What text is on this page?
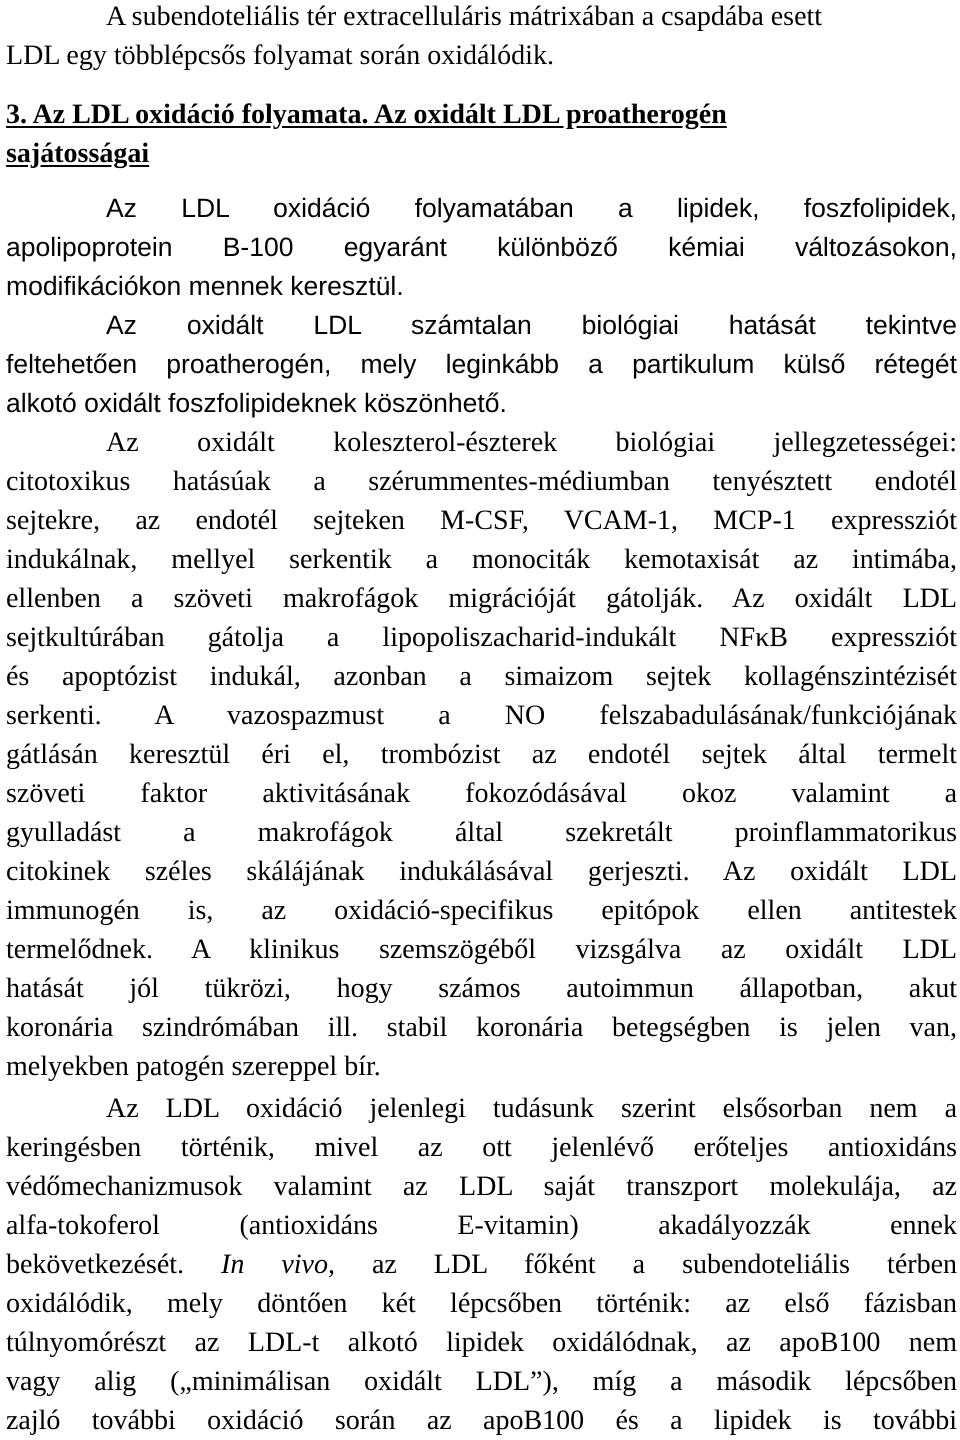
A subendoteliális tér extracelluláris mátrixában a csapdába esett
LDL egy többlépcsős folyamat során oxidálódik.
3. Az LDL oxidáció folyamata. Az oxidált LDL proatherogén
sajátosságai
Az LDL oxidáció folyamatában a lipidek, foszfolipidek,
apolipoprotein B-100 egyaránt különböző kémiai változásokon,
modifikációkon mennek keresztül.
Az oxidált LDL számtalan biológiai hatását tekintve
feltehetően proatherogén, mely leginkább a partikulum külső rétegét
alkotó oxidált foszfolipideknek köszönhető.
Az oxidált koleszterol-észterek biológiai jellegzetességei:
citotoxikus hatásúak a szérummentes-médiumban tenyésztett endotél
sejtekre, az endotél sejteken M-CSF, VCAM-1, MCP-1 expressziót
indukálnak, mellyel serkentik a monociták kemotaxisát az intimába,
ellenben a szöveti makrofágok migrációját gátolják. Az oxidált LDL
sejtkultúrában gátolja a lipopoliszacharid-indukált NFκB expressziót
és apoptózist indukál, azonban a simaizom sejtek kollagénszintézisét
serkenti. A vazospazmust a NO felszabadulásának/funkciójának
gátlásán keresztül éri el, trombózist az endotél sejtek által termelt
szöveti faktor aktivitásának fokozódásával okoz valamint a
gyulladást a makrofágok által szekretált proinflammatorikus
citokinek széles skálájának indukálásával gerjeszti. Az oxidált LDL
immunogén is, az oxidáció-specifikus epitópok ellen antitestek
termelődnek. A klinikus szemszögéből vizsgálva az oxidált LDL
hatását jól tükrözi, hogy számos autoimmun állapotban, akut
koronária szindrómában ill. stabil koronária betegségben is jelen van,
melyekben patogén szereppel bír.
Az LDL oxidáció jelenlegi tudásunk szerint elsősorban nem a
keringésben történik, mivel az ott jelenlévő erőteljes antioxidáns
védőmechanizmusok valamint az LDL saját transzport molekulája, az
alfa-tokoferol (antioxidáns E-vitamin) akadályozzák ennek
bekövetkezését. In vivo, az LDL főként a subendoteliális térben
oxidálódik, mely döntően két lépcsőben történik: az első fázisban
túlnyomórészt az LDL-t alkotó lipidek oxidálódnak, az apoB100 nem
vagy alig („minimálisan oxidált LDL”), míg a második lépcsőben
zajló további oxidáció során az apoB100 és a lipidek is további
